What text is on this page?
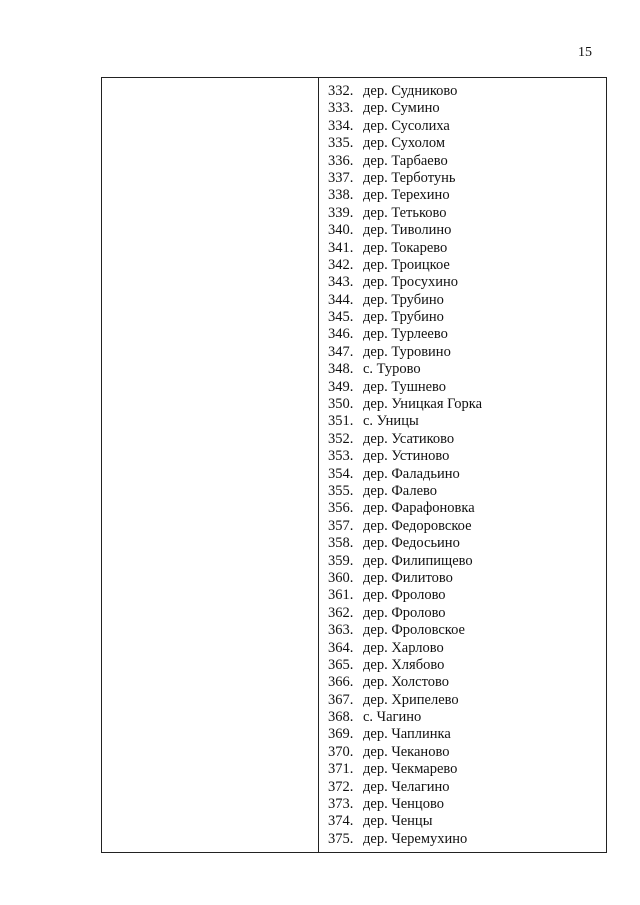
15
332. дер. Судниково
333. дер. Сумино
334. дер. Сусолиха
335. дер. Сухолом
336. дер. Тарбаево
337. дер. Терботунь
338. дер. Терехино
339. дер. Тетьково
340. дер. Тиволино
341. дер. Токарево
342. дер. Троицкое
343. дер. Тросухино
344. дер. Трубино
345. дер. Трубино
346. дер. Турлеево
347. дер. Туровино
348. с. Турово
349. дер. Тушнево
350. дер. Уницкая Горка
351. с. Уницы
352. дер. Усатиково
353. дер. Устиново
354. дер. Фаладьино
355. дер. Фалево
356. дер. Фарафоновка
357. дер. Федоровское
358. дер. Федосьино
359. дер. Филипищево
360. дер. Филитово
361. дер. Фролово
362. дер. Фролово
363. дер. Фроловское
364. дер. Харлово
365. дер. Хлябово
366. дер. Холстово
367. дер. Хрипелево
368. с. Чагино
369. дер. Чаплинка
370. дер. Чеканово
371. дер. Чекмарево
372. дер. Челагино
373. дер. Ченцово
374. дер. Ченцы
375. дер. Черемухино
